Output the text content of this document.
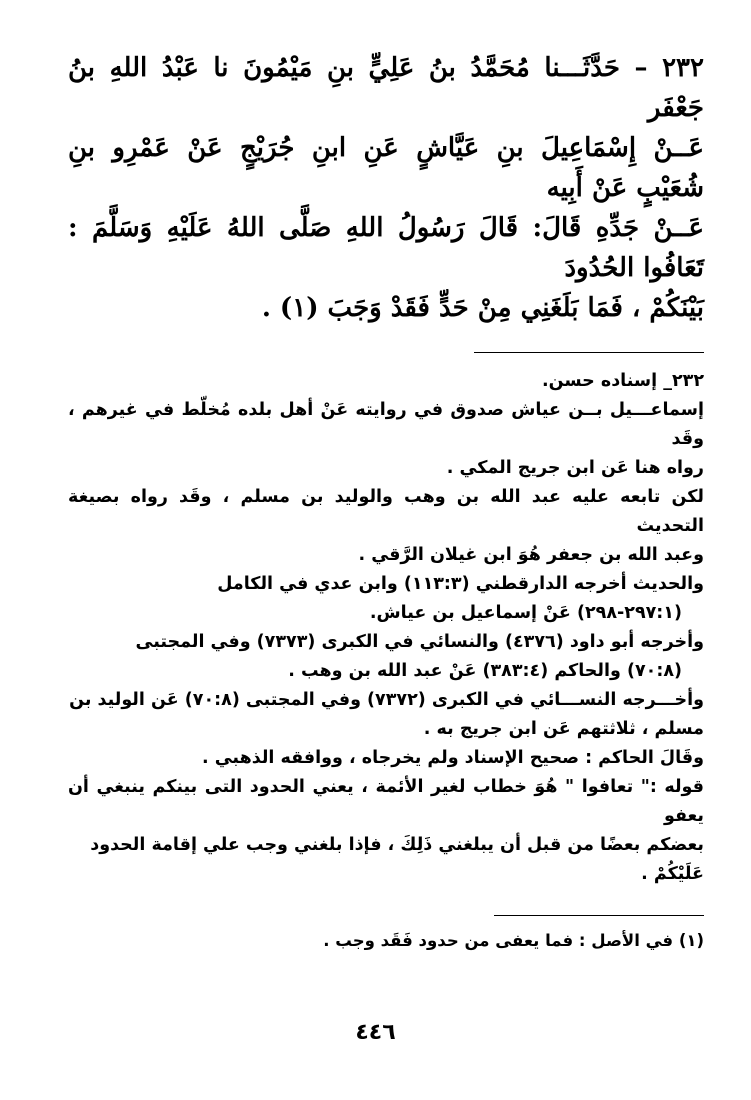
٢٣٢ – حَدَّثَـــنا مُحَمَّدُ بنُ عَلِيٍّ بنِ مَيْمُونَ نا عَبْدُ اللهِ بنُ جَعْفَر
عَــنْ إِسْمَاعِيلَ بنِ عَيَّاشٍ عَنِ ابنِ جُرَيْجٍ عَنْ عَمْرِو بنِ شُعَيْبٍ عَنْ أَبِيه
عَــنْ جَدِّهِ قَالَ: قَالَ رَسُولُ اللهِ صَلَّى اللهُ عَلَيْهِ وَسَلَّمَ : تَعَافُوا الحُدُودَ
بَيْنَكُمْ ، فَمَا بَلَغَنِي مِنْ حَدٍّ فَقَدْ وَجَبَ (١) .
٢٣٢_ إسناده حسن.
إسماعـــيل بــن عياش صدوق في روايته عَنْ أهل بلده مُخلّط في غيرهم ، وقَد
رواه هنا عَن ابن جريج المكي .
لكن تابعه عليه عبد الله بن وهب والوليد بن مسلم ، وقَد رواه بصيغة التحديث
وعبد الله بن جعفر هُوَ ابن غيلان الرَّقي .
والحديث أخرجه الدارقطني (١١٣:٣) وابن عدي في الكامل
(٢٩٧:١-٢٩٨) عَنْ إسماعيل بن عياش.
وأخرجه أبو داود (٤٣٧٦) والنسائي في الكبرى (٧٣٧٣) وفي المجتبى
(٧٠:٨) والحاكم (٣٨٣:٤) عَنْ عبد الله بن وهب .
وأخـــرجه النســـائي في الكبرى (٧٣٧٢) وفي المجتبى (٧٠:٨) عَن الوليد بن
مسلم ، ثلاثتهم عَن ابن جريج به .
وقَالَ الحاكم : صحيح الإسناد ولم يخرجاه ، ووافقه الذهبي .
قوله :" تعافوا " هُوَ خطاب لغير الأئمة ، يعني الحدود التى بينكم ينبغي أن يعفو
بعضكم بعضًا من قبل أن يبلغني ذَلِكَ ، فإذا بلغني وجب علي إقامة الحدود
عَلَيْكُمْ .
(١) في الأصل : فما يعفى من حدود فَقَد وجب .
٤٤٦
